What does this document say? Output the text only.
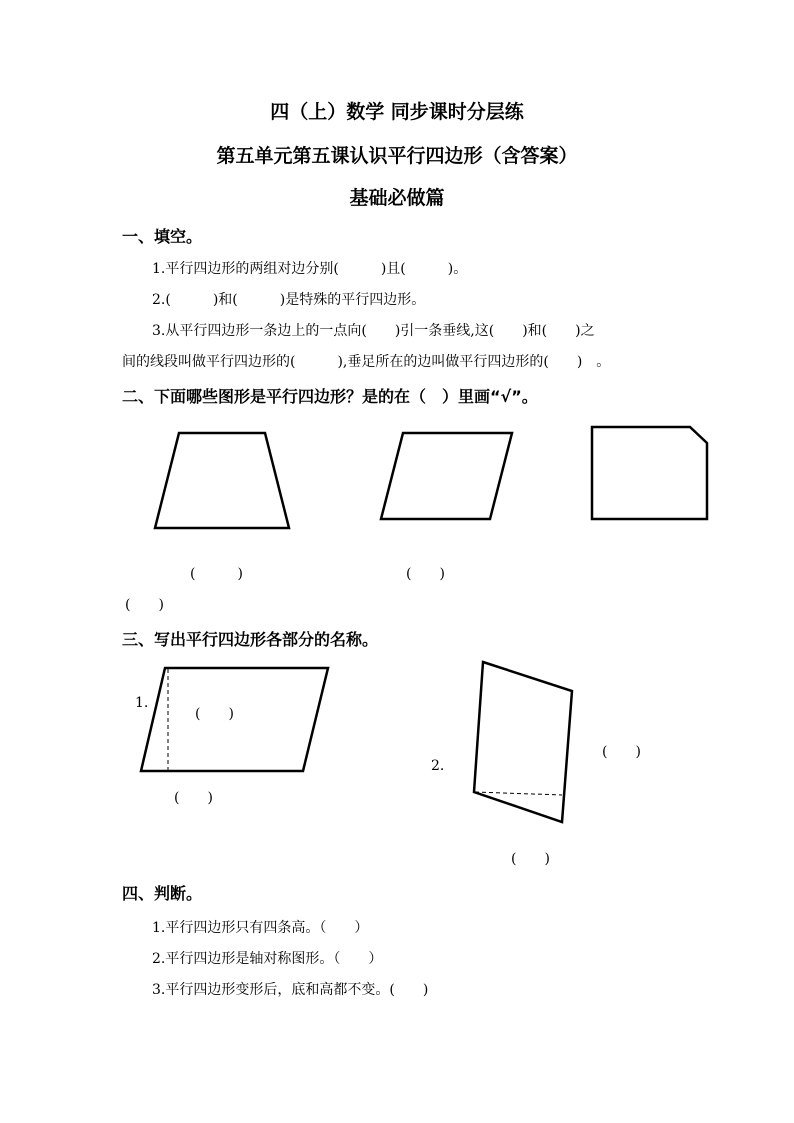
四（上）数学 同步课时分层练
第五单元第五课认识平行四边形（含答案）
基础必做篇
一、填空。
1.平行四边形的两组对边分别(　　　)且(　　　)。
2.(　　　)和(　　　)是特殊的平行四边形。
3.从平行四边形一条边上的一点向(　　)引一条垂线,这(　　)和(　　)之
间的线段叫做平行四边形的(　　　),垂足所在的边叫做平行四边形的(　　)　。
二、下面哪些图形是平行四边形？是的在（　）里画“√”。
(　　　)	(　　)
(　　)
三、写出平行四边形各部分的名称。
1.
(　　)
(　　)
2.
(　　)
(　　)
四、判断。
1.平行四边形只有四条高。（　　）
2.平行四边形是轴对称图形。（　　）
3.平行四边形变形后，底和高都不变。(　　)
